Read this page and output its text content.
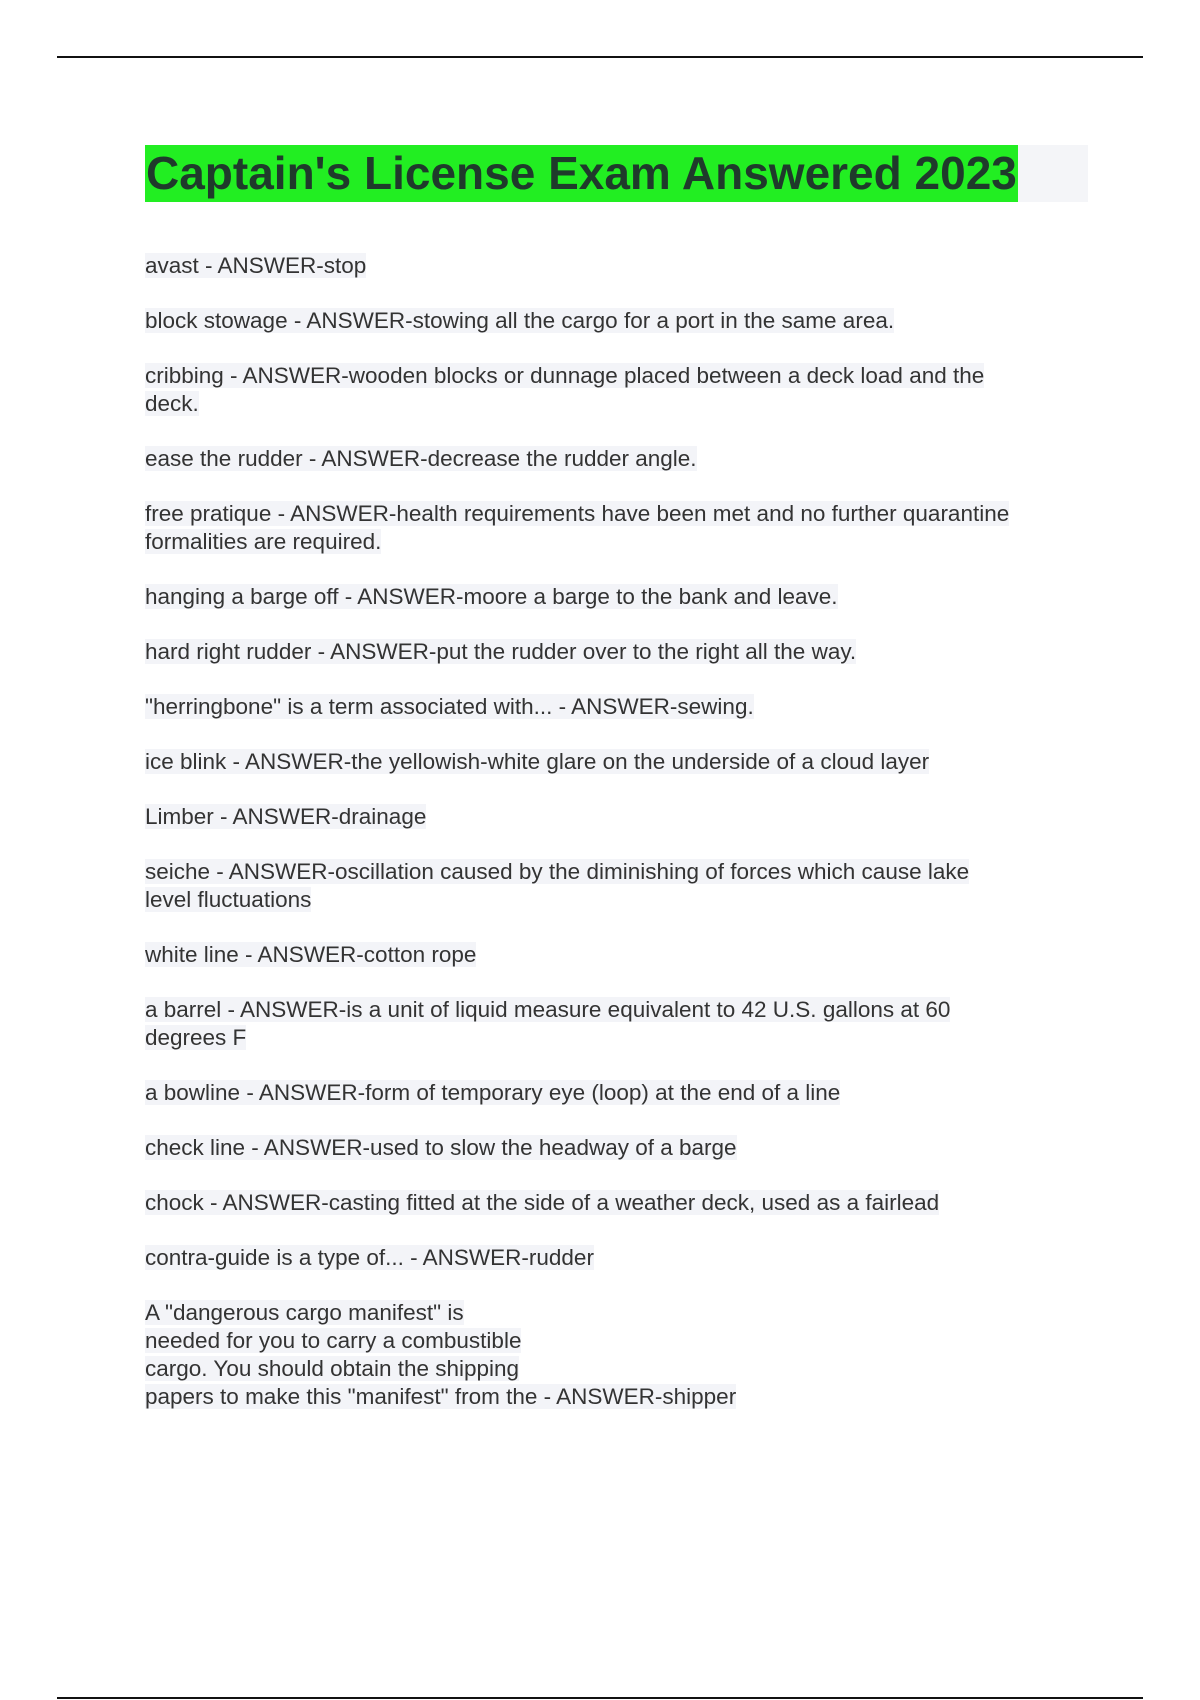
Captain's License Exam Answered 2023
avast - ANSWER-stop
block stowage - ANSWER-stowing all the cargo for a port in the same area.
cribbing - ANSWER-wooden blocks or dunnage placed between a deck load and the
deck.
ease the rudder - ANSWER-decrease the rudder angle.
free pratique - ANSWER-health requirements have been met and no further quarantine
formalities are required.
hanging a barge off - ANSWER-moore a barge to the bank and leave.
hard right rudder - ANSWER-put the rudder over to the right all the way.
"herringbone" is a term associated with... - ANSWER-sewing.
ice blink - ANSWER-the yellowish-white glare on the underside of a cloud layer
Limber - ANSWER-drainage
seiche - ANSWER-oscillation caused by the diminishing of forces which cause lake
level fluctuations
white line - ANSWER-cotton rope
a barrel - ANSWER-is a unit of liquid measure equivalent to 42 U.S. gallons at 60
degrees F
a bowline - ANSWER-form of temporary eye (loop) at the end of a line
check line - ANSWER-used to slow the headway of a barge
chock - ANSWER-casting fitted at the side of a weather deck, used as a fairlead
contra-guide is a type of... - ANSWER-rudder
A "dangerous cargo manifest" is
needed for you to carry a combustible
cargo. You should obtain the shipping
papers to make this "manifest" from the - ANSWER-shipper
